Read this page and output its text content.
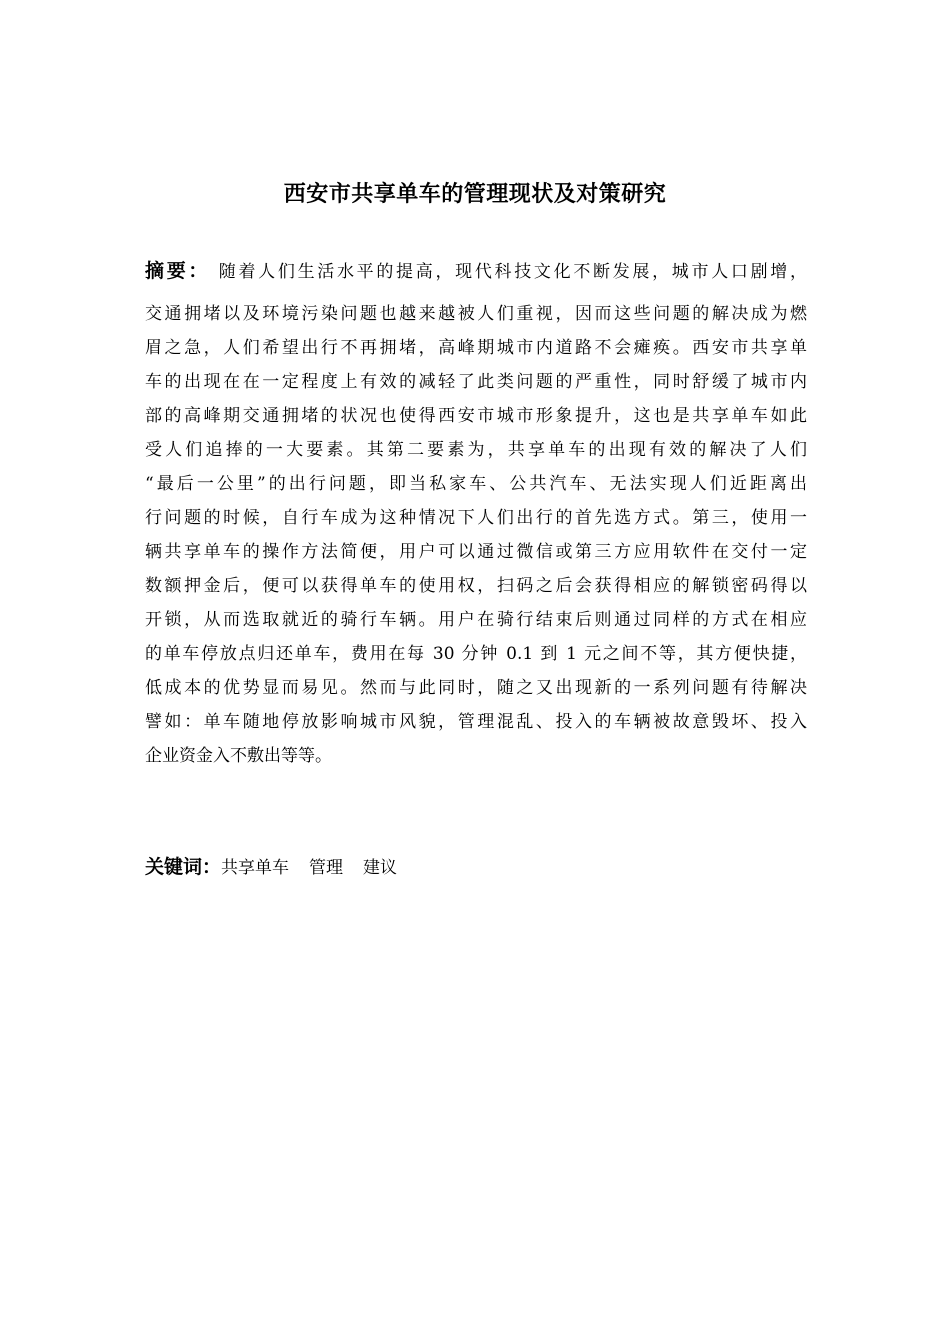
西安市共享单车的管理现状及对策研究
摘要： 随着人们生活水平的提高，现代科技文化不断发展，城市人口剧增，
交通拥堵以及环境污染问题也越来越被人们重视，因而这些问题的解决成为燃
眉之急，人们希望出行不再拥堵，高峰期城市内道路不会瘫痪。西安市共享单
车的出现在在一定程度上有效的减轻了此类问题的严重性，同时舒缓了城市内
部的高峰期交通拥堵的状况也使得西安市城市形象提升，这也是共享单车如此
受人们追捧的一大要素。其第二要素为，共享单车的出现有效的解决了人们
“最后一公里”的出行问题，即当私家车、公共汽车、无法实现人们近距离出
行问题的时候，自行车成为这种情况下人们出行的首先选方式。第三，使用一
辆共享单车的操作方法简便，用户可以通过微信或第三方应用软件在交付一定
数额押金后，便可以获得单车的使用权，扫码之后会获得相应的解锁密码得以
开锁，从而选取就近的骑行车辆。用户在骑行结束后则通过同样的方式在相应
的单车停放点归还单车，费用在每 30 分钟 0.1 到 1 元之间不等，其方便快捷，
低成本的优势显而易见。然而与此同时，随之又出现新的一系列问题有待解决
譬如：单车随地停放影响城市风貌，管理混乱、投入的车辆被故意毁坏、投入
企业资金入不敷出等等。
关键词：共享单车 管理 建议
